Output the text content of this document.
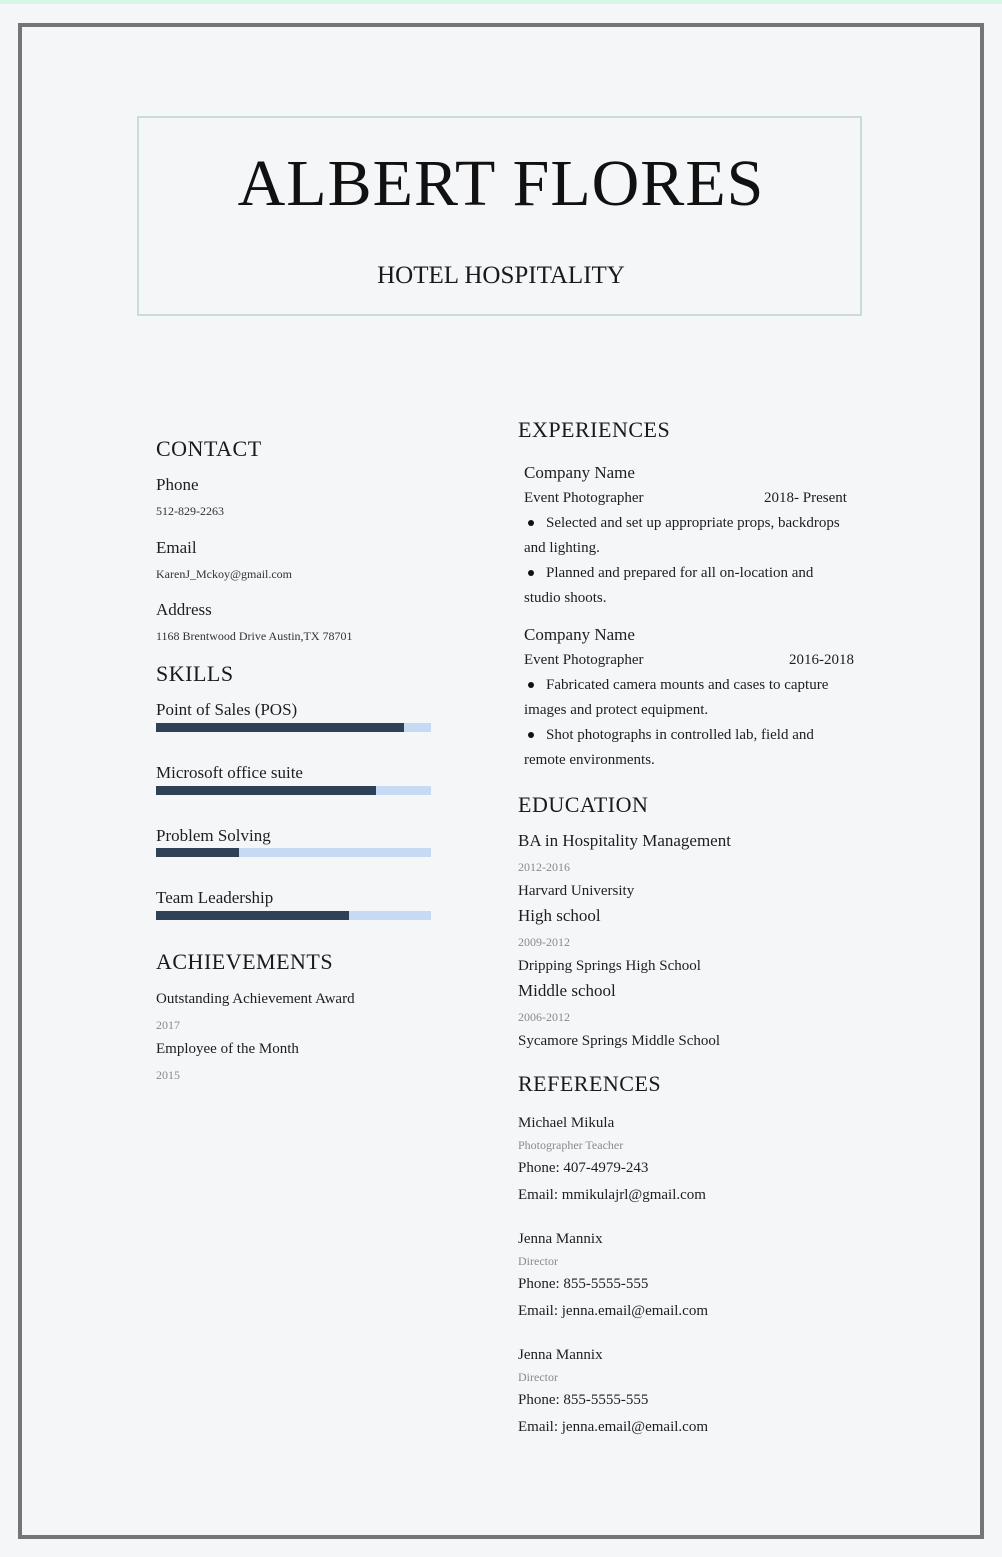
ALBERT FLORES
HOTEL HOSPITALITY
CONTACT
Phone
512-829-2263
Email
KarenJ_Mckoy@gmail.com
Address
1168 Brentwood Drive Austin,TX 78701
SKILLS
Point of Sales (POS)
Microsoft office suite
Problem Solving
Team Leadership
ACHIEVEMENTS
Outstanding Achievement Award
2017
Employee of the Month
2015
EXPERIENCES
Company Name
Event Photographer	2018- Present
Selected and set up appropriate props, backdrops and lighting.
Planned and prepared for all on-location and studio shoots.
Company Name
Event Photographer	2016-2018
Fabricated camera mounts and cases to capture images and protect equipment.
Shot photographs in controlled lab, field and remote environments.
EDUCATION
BA in Hospitality Management
2012-2016
Harvard University
High school
2009-2012
Dripping Springs High School
Middle school
2006-2012
Sycamore Springs Middle School
REFERENCES
Michael Mikula
Photographer Teacher
Phone: 407-4979-243
Email: mmikulajrl@gmail.com
Jenna Mannix
Director
Phone: 855-5555-555
Email: jenna.email@email.com
Jenna Mannix
Director
Phone: 855-5555-555
Email: jenna.email@email.com
